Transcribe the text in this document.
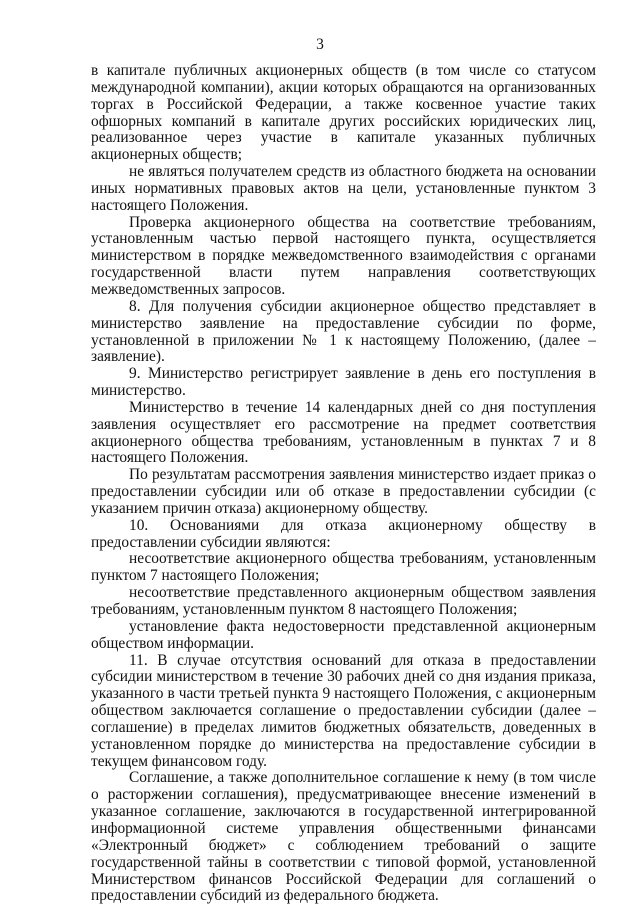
3

в капитале публичных акционерных обществ (в том числе со статусом международной компании), акции которых обращаются на организованных торгах в Российской Федерации, а также косвенное участие таких офшорных компаний в капитале других российских юридических лиц, реализованное через участие в капитале указанных публичных акционерных обществ;

не являться получателем средств из областного бюджета на основании иных нормативных правовых актов на цели, установленные пунктом 3 настоящего Положения.

Проверка акционерного общества на соответствие требованиям, установленным частью первой настоящего пункта, осуществляется министерством в порядке межведомственного взаимодействия с органами государственной власти путем направления соответствующих межведомственных запросов.

8. Для получения субсидии акционерное общество представляет в министерство заявление на предоставление субсидии по форме, установленной в приложении № 1 к настоящему Положению, (далее – заявление).

9. Министерство регистрирует заявление в день его поступления в министерство.

Министерство в течение 14 календарных дней со дня поступления заявления осуществляет его рассмотрение на предмет соответствия акционерного общества требованиям, установленным в пунктах 7 и 8 настоящего Положения.

По результатам рассмотрения заявления министерство издает приказ о предоставлении субсидии или об отказе в предоставлении субсидии (с указанием причин отказа) акционерному обществу.

10. Основаниями для отказа акционерному обществу в предоставлении субсидии являются:

несоответствие акционерного общества требованиям, установленным пунктом 7 настоящего Положения;

несоответствие представленного акционерным обществом заявления требованиям, установленным пунктом 8 настоящего Положения;

установление факта недостоверности представленной акционерным обществом информации.

11. В случае отсутствия оснований для отказа в предоставлении субсидии министерством в течение 30 рабочих дней со дня издания приказа, указанного в части третьей пункта 9 настоящего Положения, с акционерным обществом заключается соглашение о предоставлении субсидии (далее – соглашение) в пределах лимитов бюджетных обязательств, доведенных в установленном порядке до министерства на предоставление субсидии в текущем финансовом году.

Соглашение, а также дополнительное соглашение к нему (в том числе о расторжении соглашения), предусматривающее внесение изменений в указанное соглашение, заключаются в государственной интегрированной информационной системе управления общественными финансами «Электронный бюджет» с соблюдением требований о защите государственной тайны в соответствии с типовой формой, установленной Министерством финансов Российской Федерации для соглашений о предоставлении субсидий из федерального бюджета.
